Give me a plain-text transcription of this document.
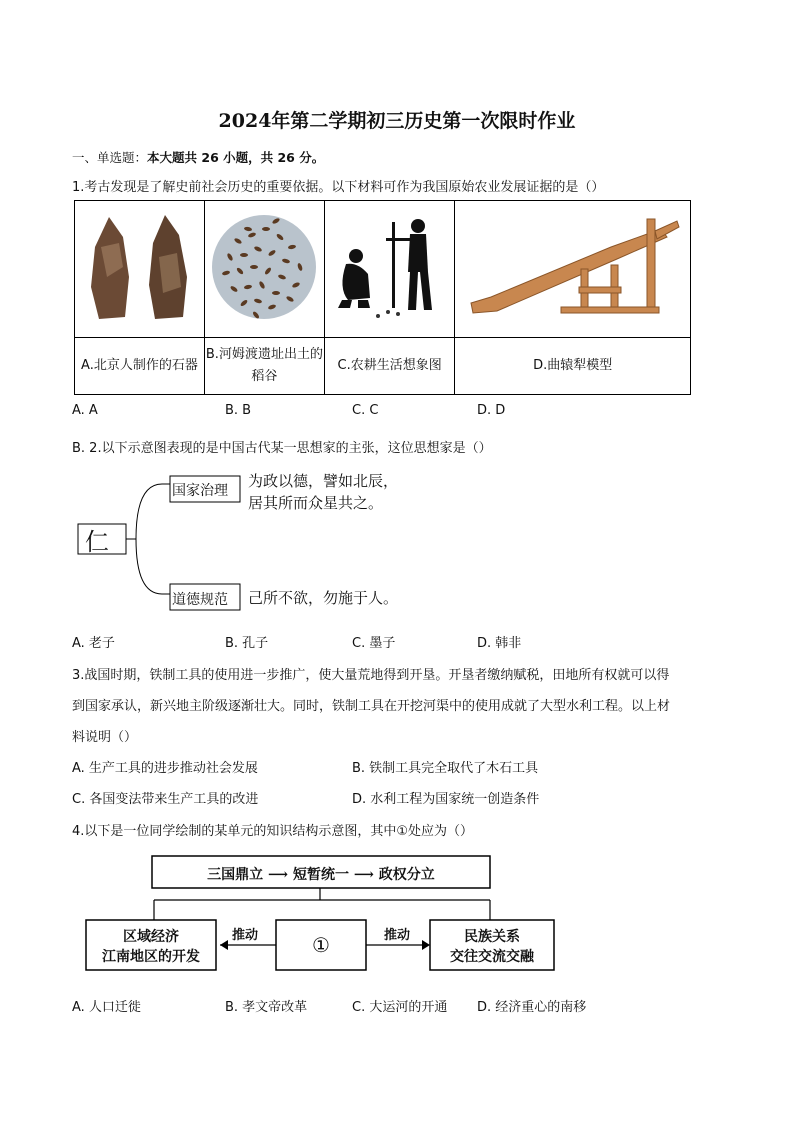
2024年第二学期初三历史第一次限时作业
一、单选题：本大题共 26 小题，共 26 分。
1.考古发现是了解史前社会历史的重要依据。以下材料可作为我国原始农业发展证据的是（）

A.北京人制作的石器	B.河姆渡遗址出土的稻谷	C.农耕生活想象图	D.曲辕犁模型
A. A	B. B	C. C	D. D
B. 2.以下示意图表现的是中国古代某一思想家的主张，这位思想家是（）
仁
国家治理
为政以德，譬如北辰，
居其所而众星共之。
道德规范 己所不欲，勿施于人。
A. 老子	B. 孔子	C. 墨子	D. 韩非
3.战国时期，铁制工具的使用进一步推广，使大量荒地得到开垦。开垦者缴纳赋税，田地所有权就可以得
到国家承认，新兴地主阶级逐渐壮大。同时，铁制工具在开挖河渠中的使用成就了大型水利工程。以上材
料说明（）
A. 生产工具的进步推动社会发展	B. 铁制工具完全取代了木石工具
C. 各国变法带来生产工具的改进	D. 水利工程为国家统一创造条件
4.以下是一位同学绘制的某单元的知识结构示意图，其中①处应为（）
三国鼎立 ⟶ 短暂统一 ⟶ 政权分立
区域经济
江南地区的开发	①	民族关系
交往交流交融
推动	推动
A. 人口迁徙	B. 孝文帝改革	C. 大运河的开通 D. 经济重心的南移
